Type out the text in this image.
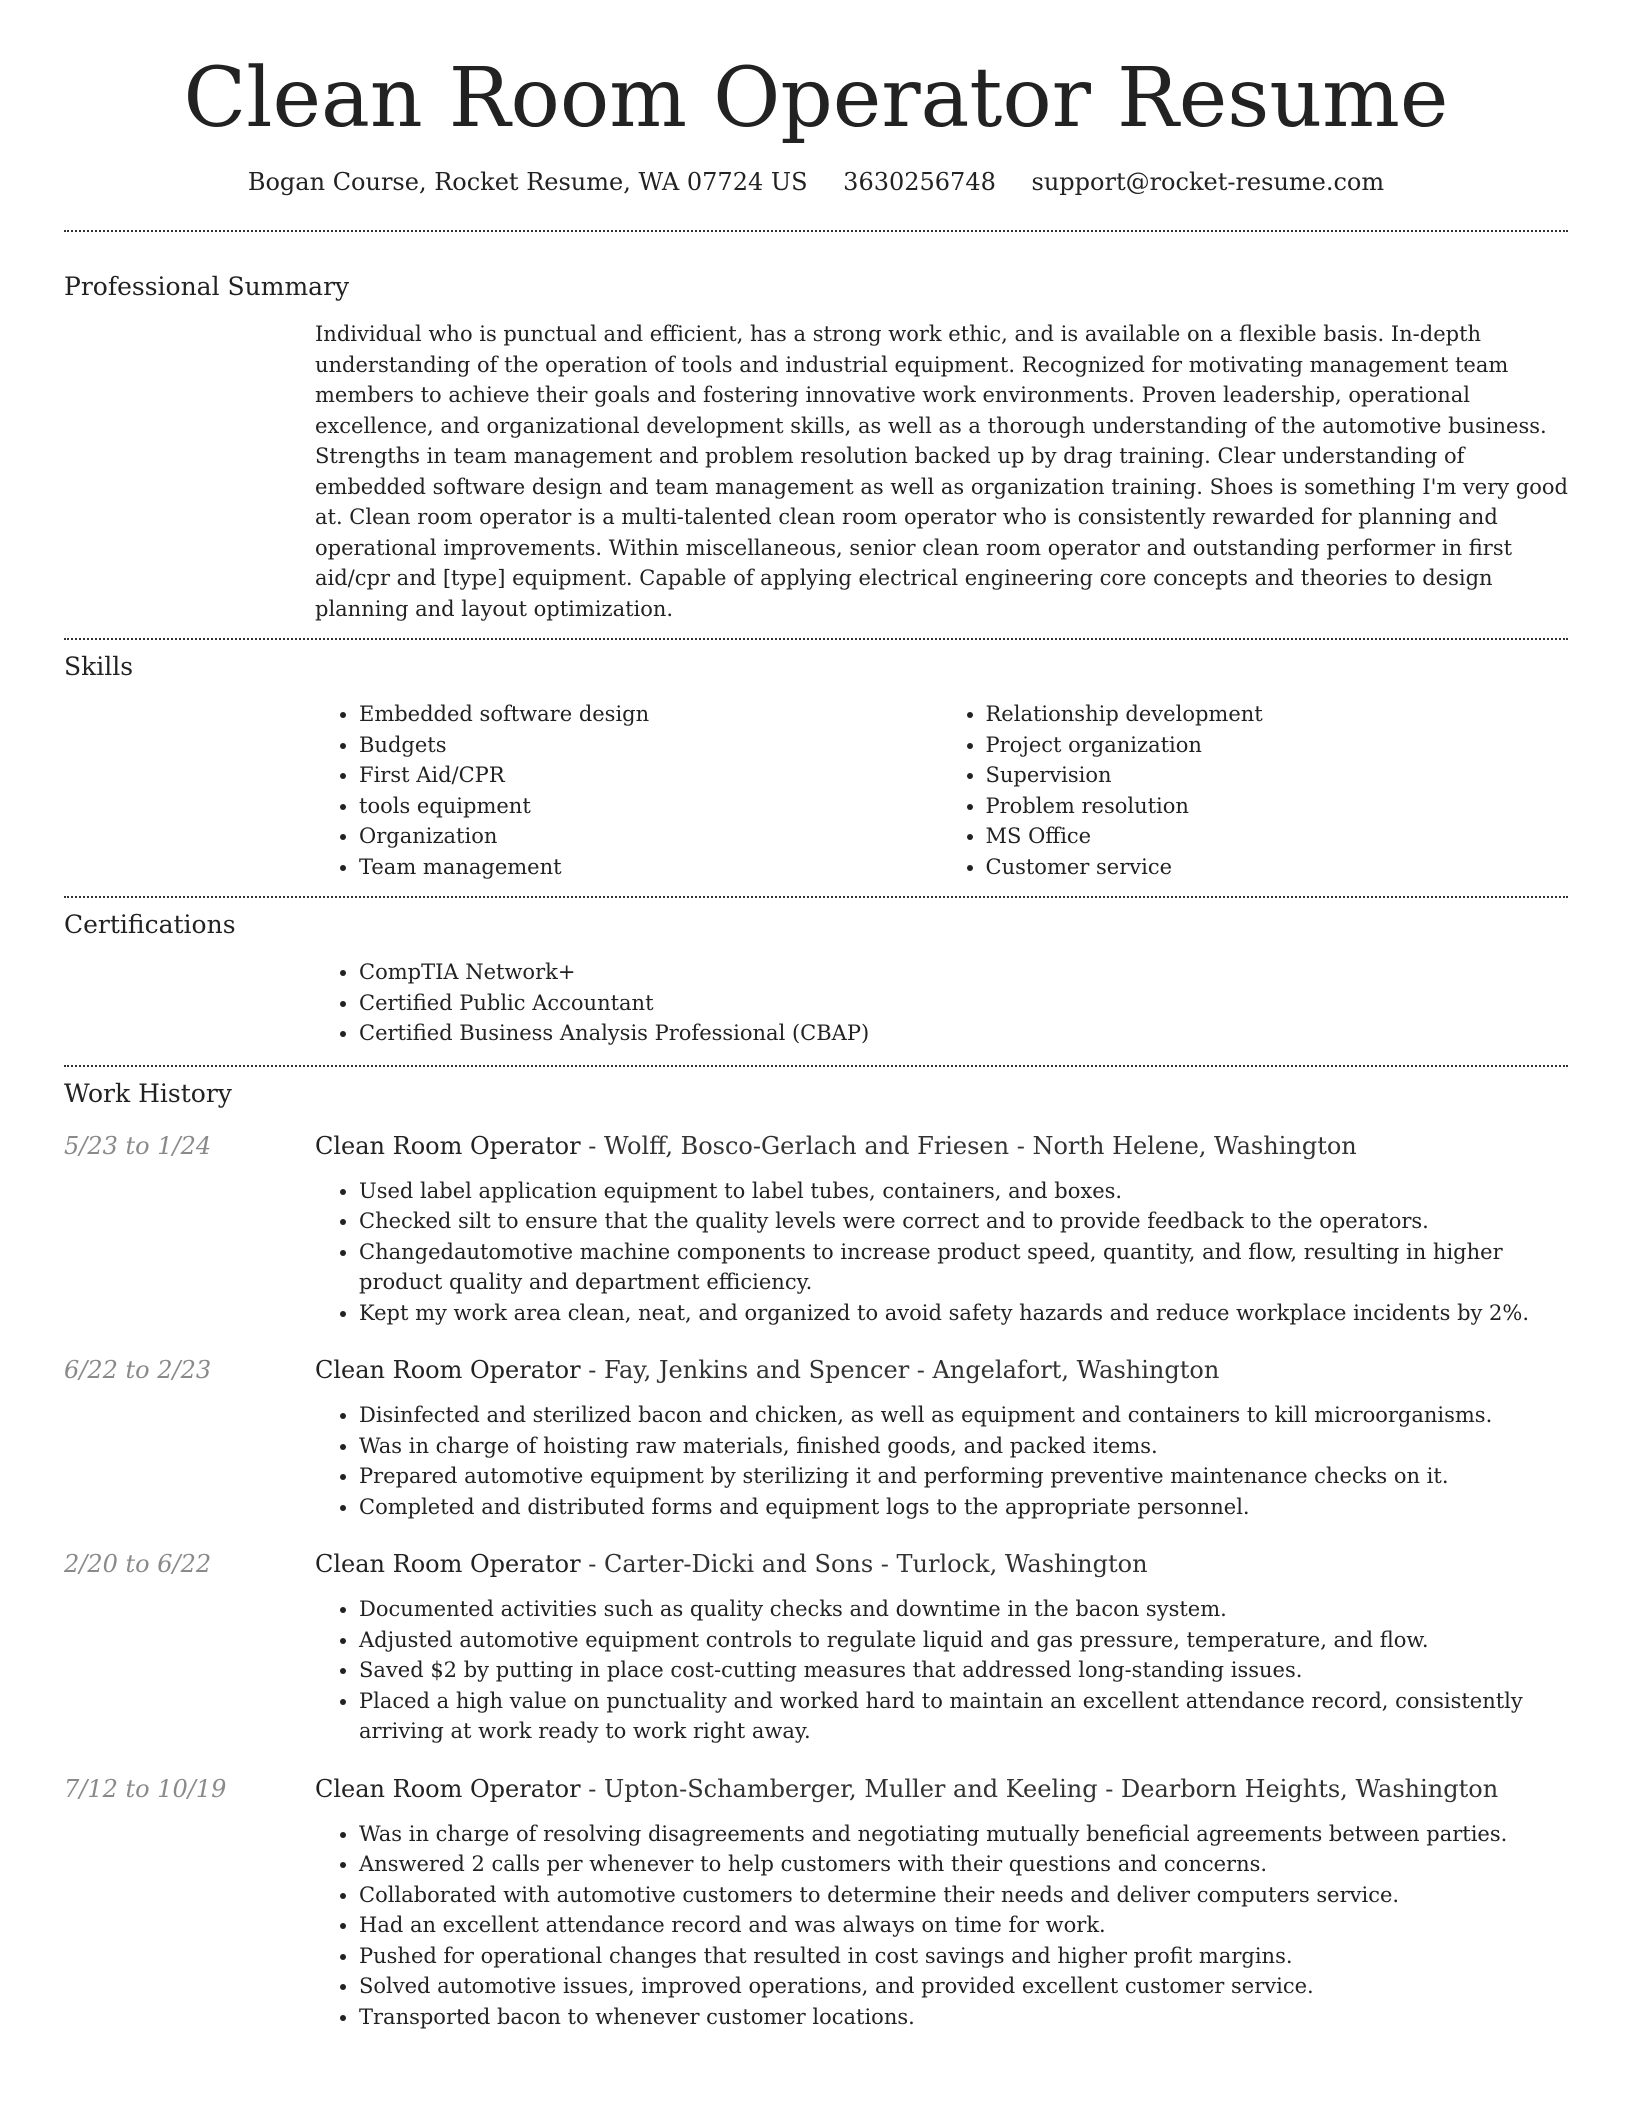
Clean Room Operator Resume
Bogan Course, Rocket Resume, WA 07724 US 3630256748 support@rocket-resume.com
Professional Summary

Individual who is punctual and efficient, has a strong work ethic, and is available on a flexible basis. In-depth understanding of the operation of tools and industrial equipment. Recognized for motivating management team members to achieve their goals and fostering innovative work environments. Proven leadership, operational excellence, and organizational development skills, as well as a thorough understanding of the automotive business. Strengths in team management and problem resolution backed up by drag training. Clear understanding of embedded software design and team management as well as organization training. Shoes is something I'm very good at. Clean room operator is a multi-talented clean room operator who is consistently rewarded for planning and operational improvements. Within miscellaneous, senior clean room operator and outstanding performer in first aid/cpr and [type] equipment. Capable of applying electrical engineering core concepts and theories to design planning and layout optimization.

Skills
• Embedded software design
• Budgets
• First Aid/CPR
• tools equipment
• Organization
• Team management
• Relationship development
• Project organization
• Supervision
• Problem resolution
• MS Office
• Customer service
Certifications
• CompTIA Network+
• Certified Public Accountant
• Certified Business Analysis Professional (CBAP)
Work History
5/23 to 1/24	Clean Room Operator - Wolff, Bosco-Gerlach and Friesen - North Helene, Washington
• Used label application equipment to label tubes, containers, and boxes.
• Checked silt to ensure that the quality levels were correct and to provide feedback to the operators.
• Changedautomotive machine components to increase product speed, quantity, and flow, resulting in higher product quality and department efficiency.
• Kept my work area clean, neat, and organized to avoid safety hazards and reduce workplace incidents by 2%.
6/22 to 2/23	Clean Room Operator - Fay, Jenkins and Spencer - Angelafort, Washington
• Disinfected and sterilized bacon and chicken, as well as equipment and containers to kill microorganisms.
• Was in charge of hoisting raw materials, finished goods, and packed items.
• Prepared automotive equipment by sterilizing it and performing preventive maintenance checks on it.
• Completed and distributed forms and equipment logs to the appropriate personnel.
2/20 to 6/22	Clean Room Operator - Carter-Dicki and Sons - Turlock, Washington
• Documented activities such as quality checks and downtime in the bacon system.
• Adjusted automotive equipment controls to regulate liquid and gas pressure, temperature, and flow.
• Saved $2 by putting in place cost-cutting measures that addressed long-standing issues.
• Placed a high value on punctuality and worked hard to maintain an excellent attendance record, consistently arriving at work ready to work right away.
7/12 to 10/19	Clean Room Operator - Upton-Schamberger, Muller and Keeling - Dearborn Heights, Washington
• Was in charge of resolving disagreements and negotiating mutually beneficial agreements between parties.
• Answered 2 calls per whenever to help customers with their questions and concerns.
• Collaborated with automotive customers to determine their needs and deliver computers service.
• Had an excellent attendance record and was always on time for work.
• Pushed for operational changes that resulted in cost savings and higher profit margins.
• Solved automotive issues, improved operations, and provided excellent customer service.
• Transported bacon to whenever customer locations.
